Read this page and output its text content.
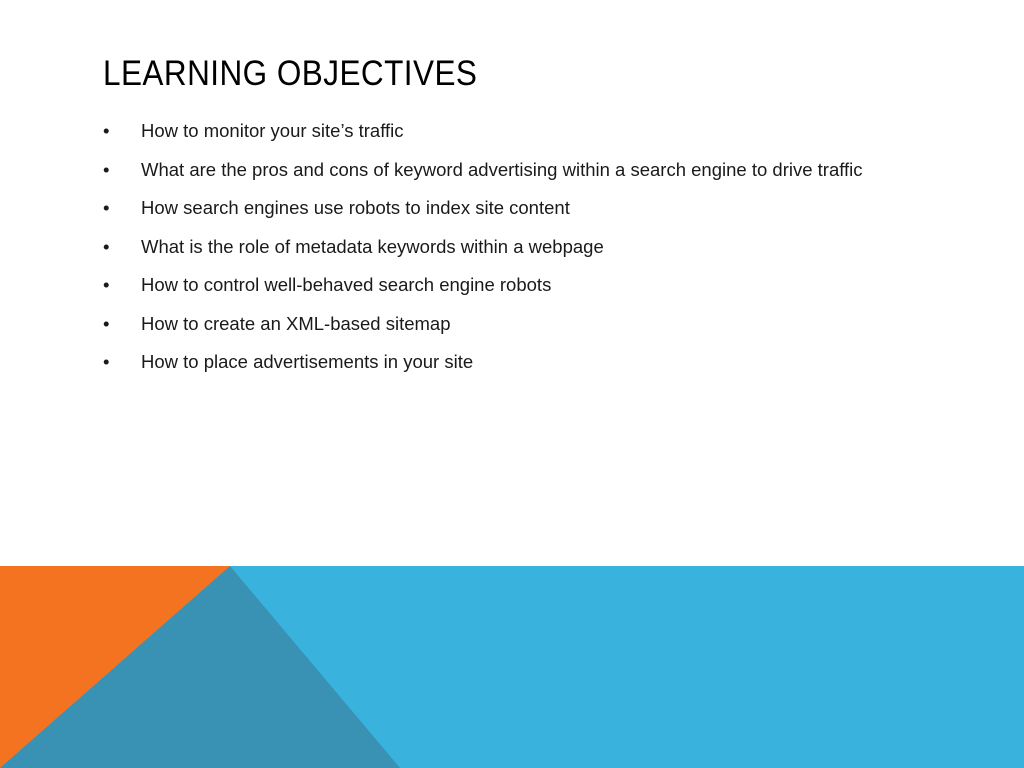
LEARNING OBJECTIVES
• How to monitor your site’s traffic
• What are the pros and cons of keyword advertising within a search engine to drive traffic
• How search engines use robots to index site content
• What is the role of metadata keywords within a webpage
• How to control well-behaved search engine robots
• How to create an XML-based sitemap
• How to place advertisements in your site
